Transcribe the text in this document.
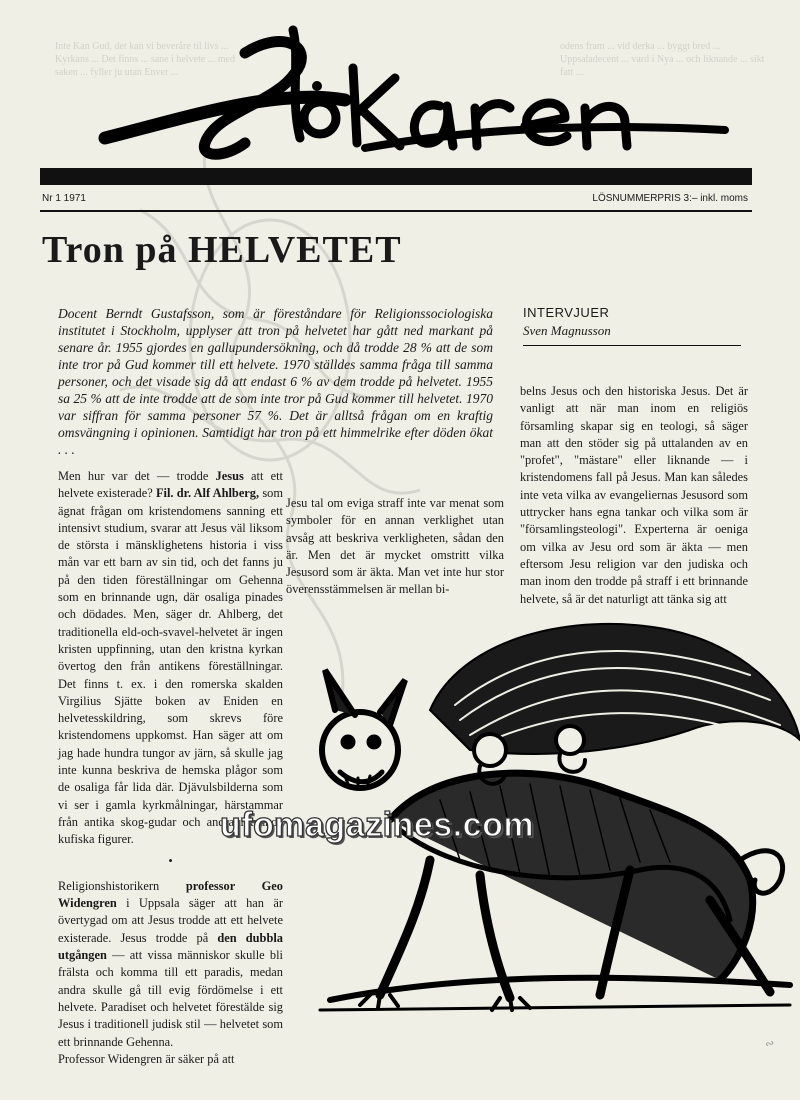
Inte Kan Gud, det kan vi beveråre til livs ... Kyrkans ... Det finns ... sane i helvete ... med saken ... fyller ju utan Enver ...
odens fram ... vid derka ... byggt bred ... Uppsaladecent ... vard i Nya ... och liknande ... sikt fatt ...
Nr 1 1971	LÖSNUMMERPRIS 3:– inkl. moms
Tron på HELVETET
Docent Berndt Gustafsson, som är föreståndare för Religionssociologiska institutet i Stockholm, upplyser att tron på helvetet har gått ned markant på senare år. 1955 gjordes en gallupundersökning, och då trodde 28 % att de som inte tror på Gud kommer till ett helvete. 1970 ställdes samma fråga till samma personer, och det visade sig då att endast 6 % av dem trodde på helvetet. 1955 sa 25 % att de inte trodde att de som inte tror på Gud kommer till helvetet. 1970 var siffran för samma personer 57 %. Det är alltså frågan om en kraftig omsvängning i opinionen. Samtidigt har tron på ett himmelrike efter döden ökat . . .
INTERVJUER
Sven Magnusson

Men hur var det — trodde Jesus att ett helvete existerade? Fil. dr. Alf Ahlberg, som ägnat frågan om kristendomens sanning ett intensivt studium, svarar att Jesus väl liksom de största i mänsklighetens historia i viss mån var ett barn av sin tid, och det fanns ju på den tiden föreställningar om Gehenna som en brinnande ugn, där osaliga pinades och dödades. Men, säger dr. Ahlberg, det traditionella eld-och-svavel-helvetet är ingen kristen uppfinning, utan den kristna kyrkan övertog den från antikens föreställningar. Det finns t. ex. i den romerska skalden Virgilius Sjätte boken av Eniden en helvetesskildring, som skrevs före kristendomens uppkomst. Han säger att om jag hade hundra tungor av järn, så skulle jag inte kunna beskriva de hemska plågor som de osaliga får lida där. Djävulsbilderna som vi ser i gamla kyrkmålningar, härstammar från antika skog-gudar och andra liknande kufiska figurer.

•

Religionshistorikern professor Geo Widengren i Uppsala säger att han är övertygad om att Jesus trodde att ett helvete existerade. Jesus trodde på den dubbla utgången — att vissa människor skulle bli frälsta och komma till ett paradis, medan andra skulle gå till evig fördömelse i ett helvete. Paradiset och helvetet förestälde sig Jesus i traditionell judisk stil — helvetet som ett brinnande Gehenna.

Professor Widengren är säker på att

Jesu tal om eviga straff inte var menat som symboler för en annan verklighet utan avsåg att beskriva verkligheten, sådan den är. Men det är mycket omstritt vilka Jesusord som är äkta. Man vet inte hur stor överensstämmelsen är mellan bi-

belns Jesus och den historiska Jesus. Det är vanligt att när man inom en religiös församling skapar sig en teologi, så säger man att den stöder sig på uttalanden av en "profet", "mästare" eller liknande — i kristendomens fall på Jesus. Man kan således inte veta vilka av evangeliernas Jesusord som uttrycker hans egna tankar och vilka som är "församlingsteologi". Experterna är oeniga om vilka av Jesu ord som är äkta — men eftersom Jesu religion var den judiska och man inom den trodde på straff i ett brinnande helvete, så är det naturligt att tänka sig att

ufomagazines.com
∾
